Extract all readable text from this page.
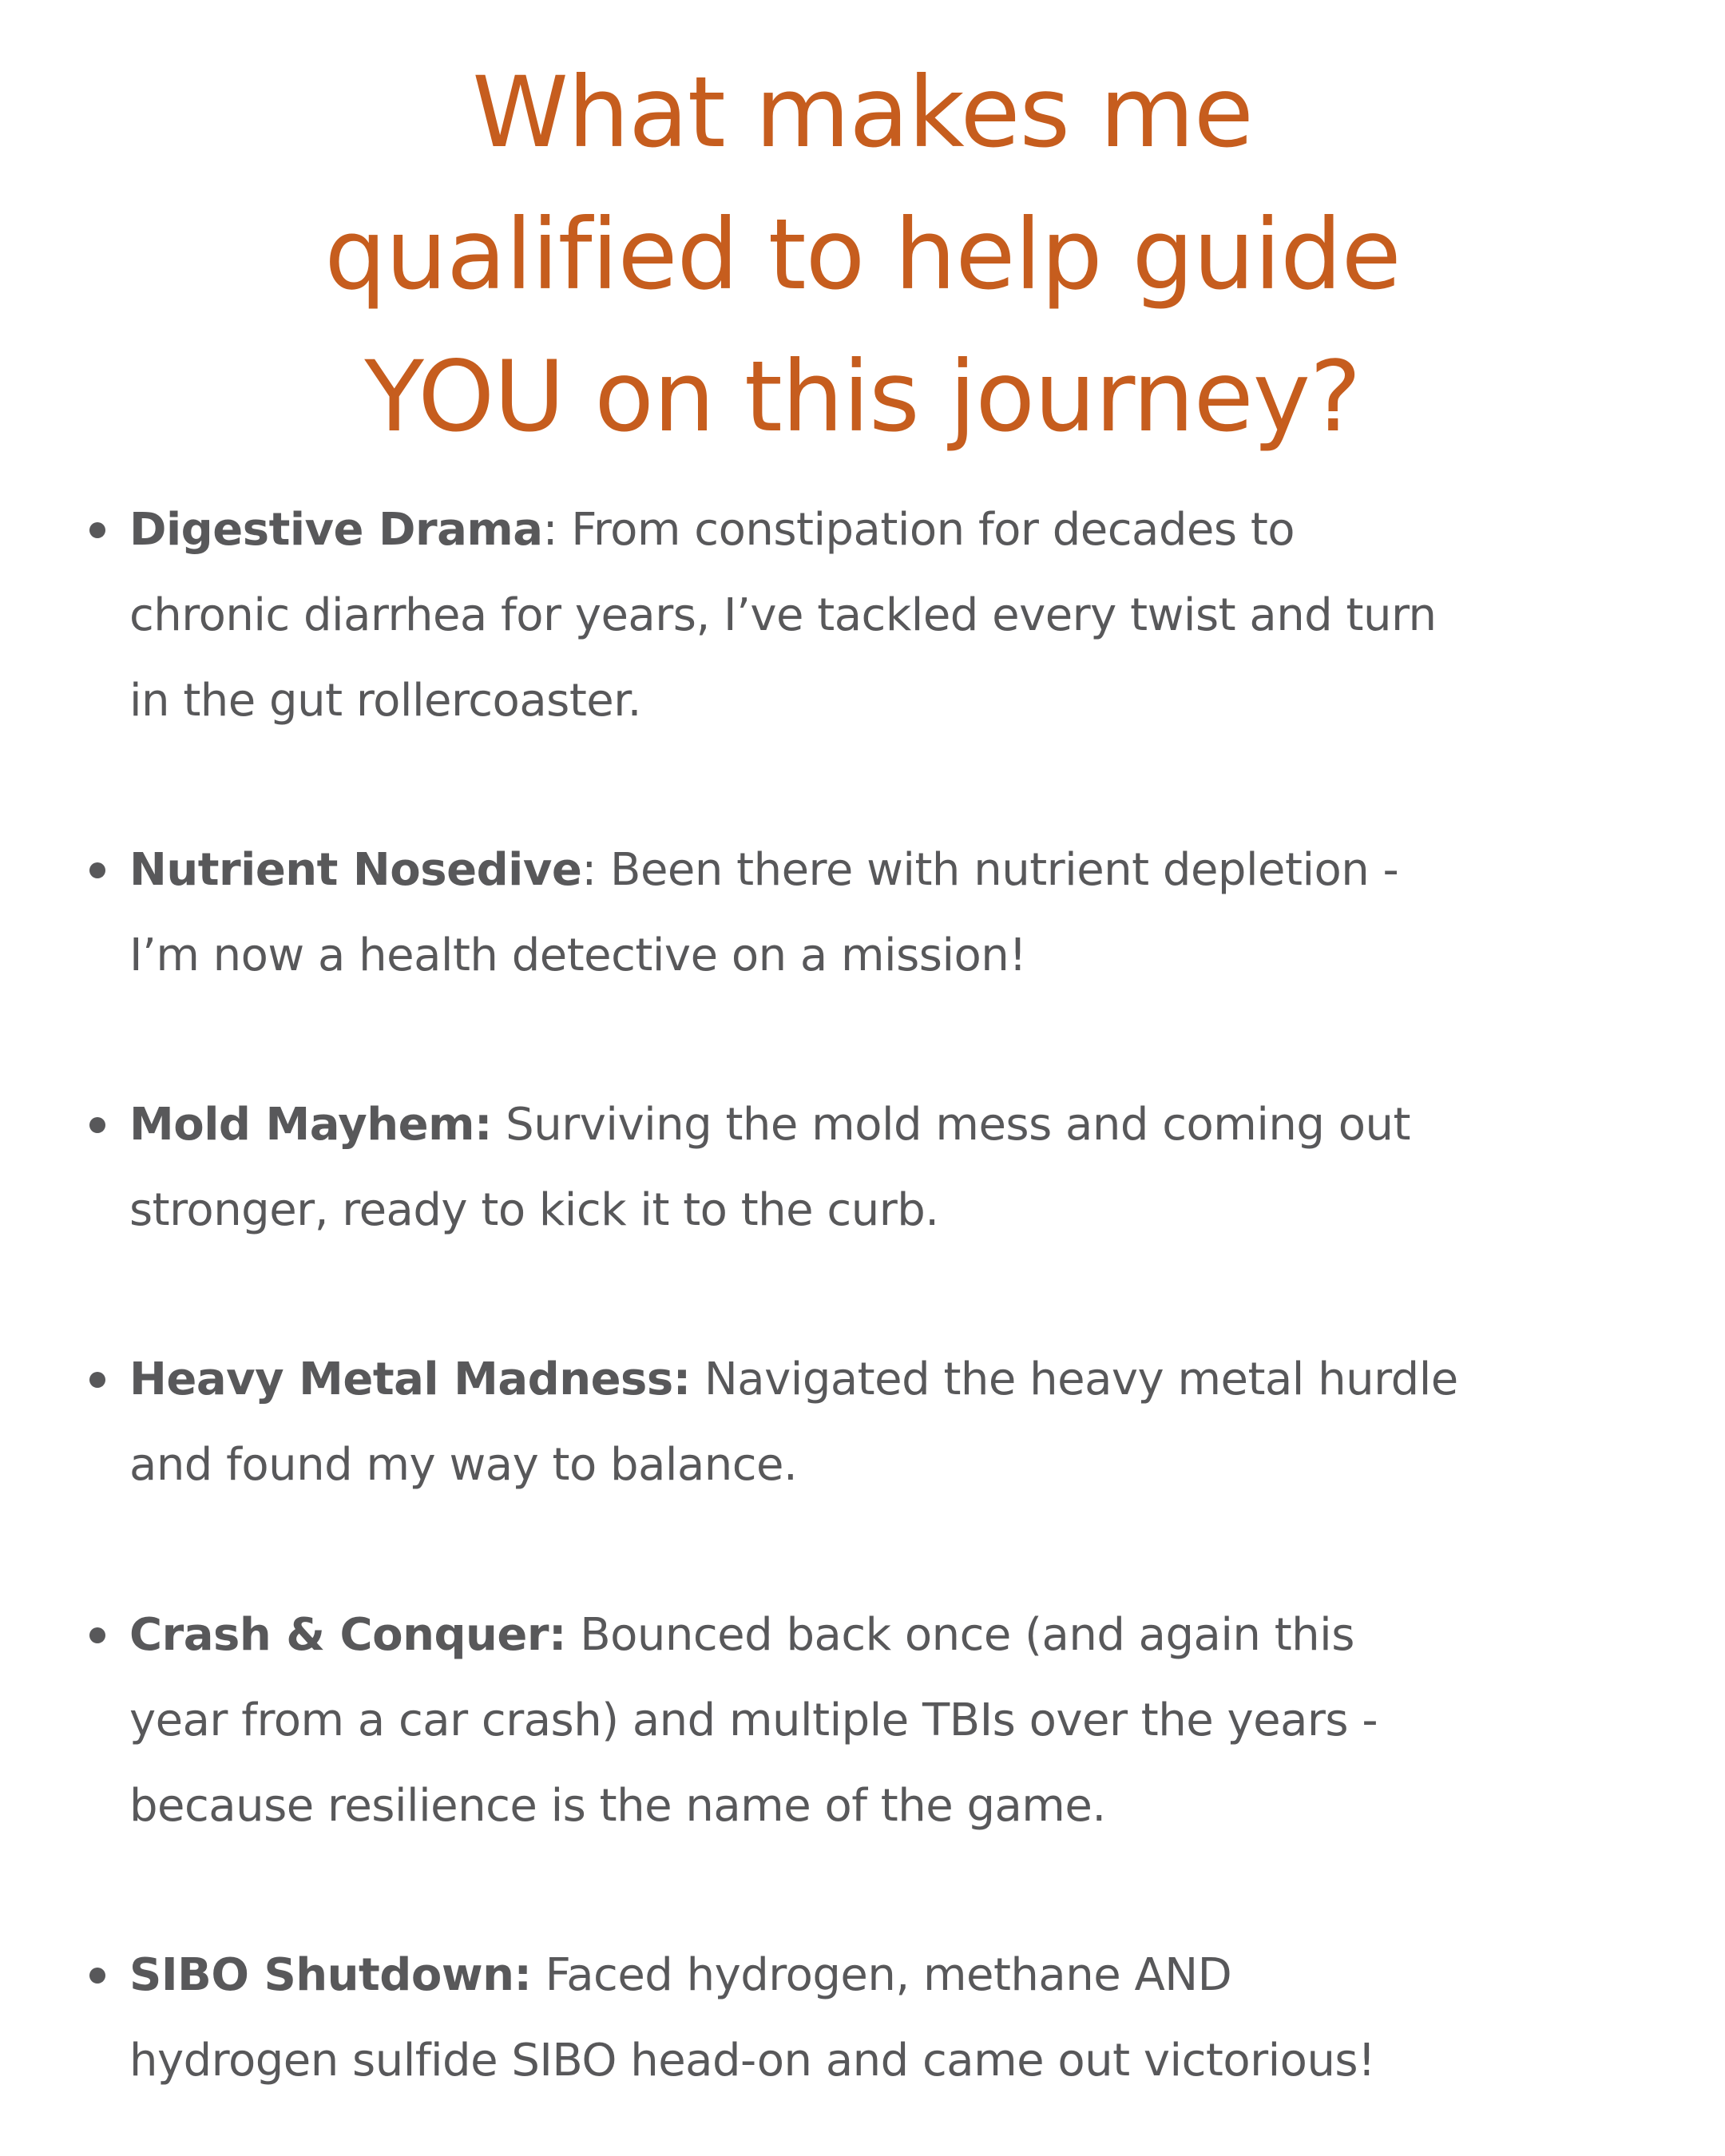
What makes me
qualified to help guide
YOU on this journey?
Digestive Drama: From constipation for decades to
chronic diarrhea for years, I’ve tackled every twist and turn
in the gut rollercoaster.
Nutrient Nosedive: Been there with nutrient depletion -
I’m now a health detective on a mission!
Mold Mayhem: Surviving the mold mess and coming out
stronger, ready to kick it to the curb.
Heavy Metal Madness: Navigated the heavy metal hurdle
and found my way to balance.
Crash & Conquer: Bounced back once (and again this
year from a car crash) and multiple TBIs over the years -
because resilience is the name of the game.
SIBO Shutdown: Faced hydrogen, methane AND
hydrogen sulfide SIBO head-on and came out victorious!
